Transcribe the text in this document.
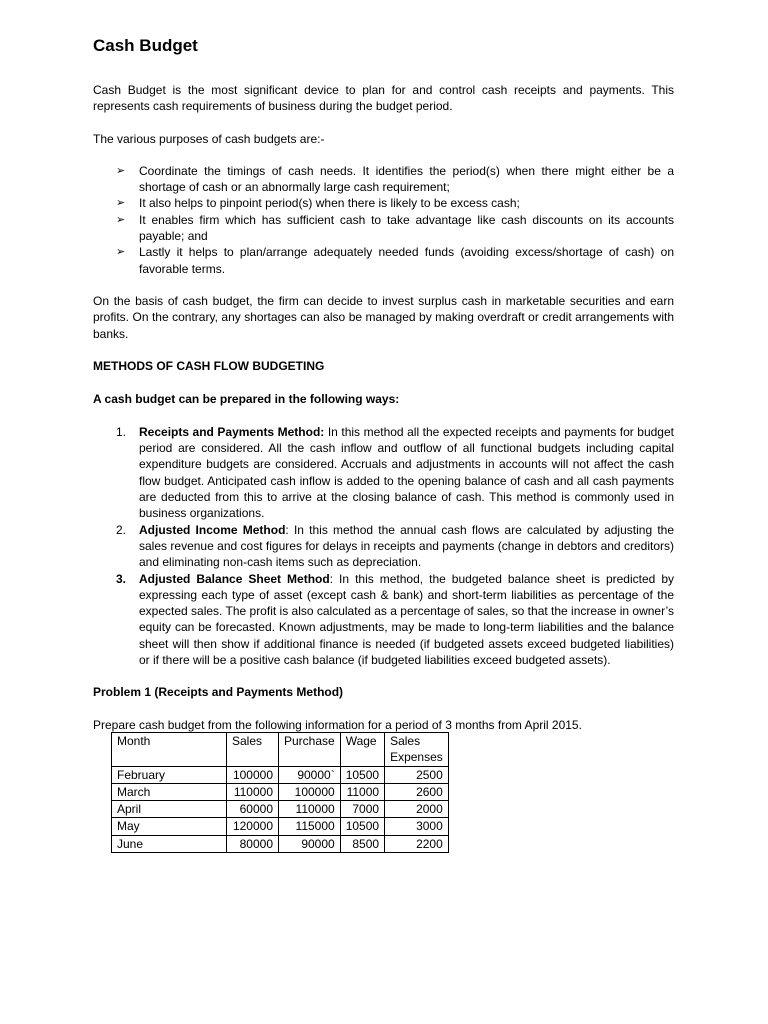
Cash Budget

Cash Budget is the most significant device to plan for and control cash receipts and payments. This represents cash requirements of business during the budget period.

The various purposes of cash budgets are:-

➢ Coordinate the timings of cash needs. It identifies the period(s) when there might either be a shortage of cash or an abnormally large cash requirement;
➢ It also helps to pinpoint period(s) when there is likely to be excess cash;
➢ It enables firm which has sufficient cash to take advantage like cash discounts on its accounts payable; and
➢ Lastly it helps to plan/arrange adequately needed funds (avoiding excess/shortage of cash) on favorable terms.

On the basis of cash budget, the firm can decide to invest surplus cash in marketable securities and earn profits. On the contrary, any shortages can also be managed by making overdraft or credit arrangements with banks.

METHODS OF CASH FLOW BUDGETING
A cash budget can be prepared in the following ways:
1. Receipts and Payments Method: In this method all the expected receipts and payments for budget period are considered. All the cash inflow and outflow of all functional budgets including capital expenditure budgets are considered. Accruals and adjustments in accounts will not affect the cash flow budget. Anticipated cash inflow is added to the opening balance of cash and all cash payments are deducted from this to arrive at the closing balance of cash. This method is commonly used in business organizations.
2. Adjusted Income Method: In this method the annual cash flows are calculated by adjusting the sales revenue and cost figures for delays in receipts and payments (change in debtors and creditors) and eliminating non-cash items such as depreciation.
3. Adjusted Balance Sheet Method: In this method, the budgeted balance sheet is predicted by expressing each type of asset (except cash & bank) and short-term liabilities as percentage of the expected sales. The profit is also calculated as a percentage of sales, so that the increase in owner’s equity can be forecasted. Known adjustments, may be made to long-term liabilities and the balance sheet will then show if additional finance is needed (if budgeted assets exceed budgeted liabilities) or if there will be a positive cash balance (if budgeted liabilities exceed budgeted assets).
Problem 1 (Receipts and Payments Method)

Prepare cash budget from the following information for a period of 3 months from April 2015.

Month	Sales	Purchase	Wage	Sales
Expenses

February	100000	90000`	10500	2500
March	110000	100000	11000	2600
April	60000	110000	7000	2000
May	120000	115000	10500	3000
June	80000	90000	8500	2200
